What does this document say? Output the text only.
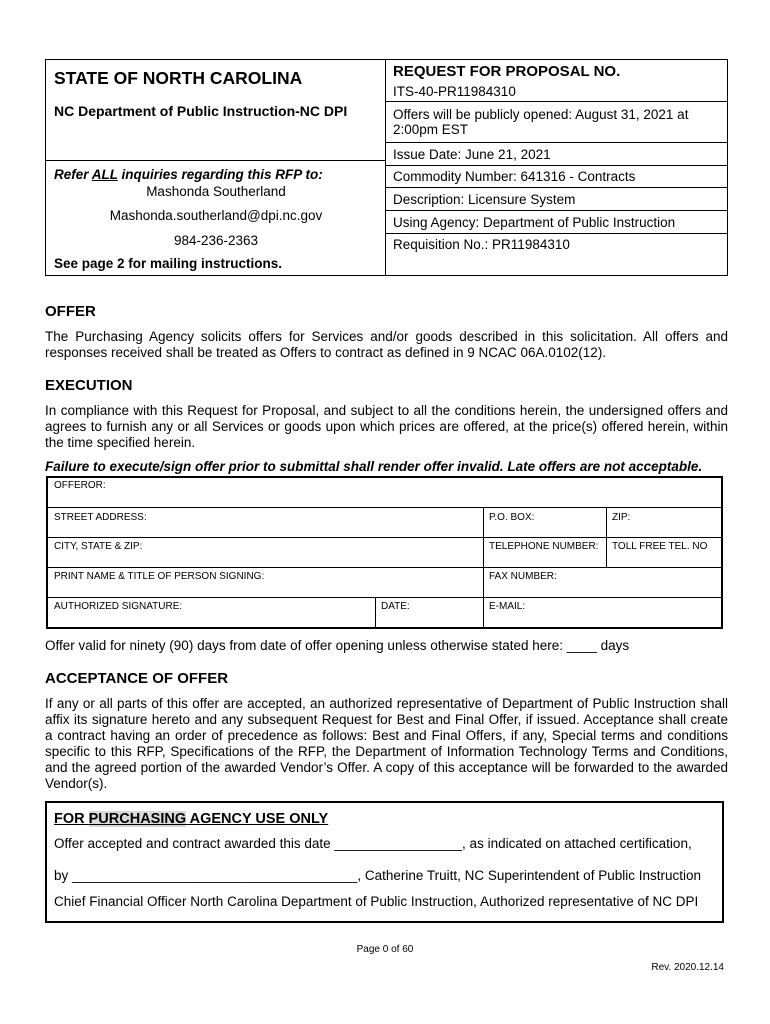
STATE OF NORTH CAROLINA
NC Department of Public Instruction-NC DPI
Refer ALL inquiries regarding this RFP to:
Mashonda Southerland
Mashonda.southerland@dpi.nc.gov
984-236-2363
See page 2 for mailing instructions.
REQUEST FOR PROPOSAL NO.
ITS-40-PR11984310
Offers will be publicly opened: August 31, 2021 at
2:00pm EST
Issue Date: June 21, 2021
Commodity Number: 641316 - Contracts
Description: Licensure System
Using Agency: Department of Public Instruction
Requisition No.: PR11984310
OFFER

The Purchasing Agency solicits offers for Services and/or goods described in this solicitation. All offers and responses received shall be treated as Offers to contract as defined in 9 NCAC 06A.0102(12).

EXECUTION

In compliance with this Request for Proposal, and subject to all the conditions herein, the undersigned offers and agrees to furnish any or all Services or goods upon which prices are offered, at the price(s) offered herein, within the time specified herein.

Failure to execute/sign offer prior to submittal shall render offer invalid. Late offers are not acceptable.
OFFEROR:
STREET ADDRESS:	P.O. BOX:	ZIP:
CITY, STATE & ZIP:	TELEPHONE NUMBER: TOLL FREE TEL. NO
PRINT NAME & TITLE OF PERSON SIGNING:	FAX NUMBER:
AUTHORIZED SIGNATURE:	DATE:	E-MAIL:
Offer valid for ninety (90) days from date of offer opening unless otherwise stated here: ____ days
ACCEPTANCE OF OFFER

If any or all parts of this offer are accepted, an authorized representative of Department of Public Instruction shall affix its signature hereto and any subsequent Request for Best and Final Offer, if issued. Acceptance shall create a contract having an order of precedence as follows: Best and Final Offers, if any, Special terms and conditions specific to this RFP, Specifications of the RFP, the Department of Information Technology Terms and Conditions, and the agreed portion of the awarded Vendor’s Offer. A copy of this acceptance will be forwarded to the awarded Vendor(s).

FOR PURCHASING AGENCY USE ONLY
Offer accepted and contract awarded this date _________________, as indicated on attached certification,
by ______________________________________, Catherine Truitt, NC Superintendent of Public Instruction
Chief Financial Officer North Carolina Department of Public Instruction, Authorized representative of NC DPI
Page 0 of 60
Rev. 2020.12.14
